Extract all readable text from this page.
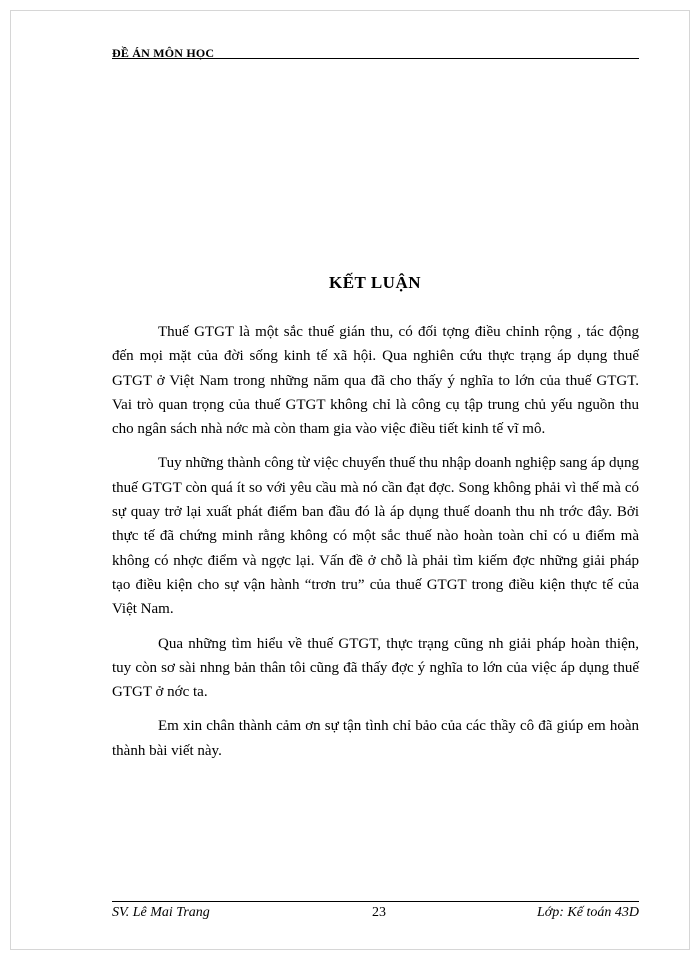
ĐỀ ÁN MÔN HỌC
KẾT LUẬN

Thuế GTGT là một sắc thuế gián thu, có đối tợng điều chỉnh rộng , tác động đến mọi mặt của đời sống kinh tế xã hội. Qua nghiên cứu thực trạng áp dụng thuế GTGT ở Việt Nam trong những năm qua đã cho thấy ý nghĩa to lớn của thuế GTGT. Vai trò quan trọng của thuế GTGT không chỉ là công cụ tập trung chủ yếu nguồn thu cho ngân sách nhà nớc mà còn tham gia vào việc điều tiết kinh tế vĩ mô.

Tuy những thành công từ việc chuyển thuế thu nhập doanh nghiệp sang áp dụng thuế GTGT còn quá ít so với yêu cầu mà nó cần đạt đợc. Song không phải vì thế mà có sự quay trở lại xuất phát điểm ban đầu đó là áp dụng thuế doanh thu nh trớc đây. Bởi thực tế đã chứng minh rằng không có một sắc thuế nào hoàn toàn chỉ có u điểm mà không có nhợc điểm và ngợc lại. Vấn đề ở chỗ là phải tìm kiếm đợc những giải pháp tạo điều kiện cho sự vận hành “trơn tru” của thuế GTGT trong điều kiện thực tế của Việt Nam.

Qua những tìm hiểu về thuế GTGT, thực trạng cũng nh giải pháp hoàn thiện, tuy còn sơ sài nhng bản thân tôi cũng đã thấy đợc ý nghĩa to lớn của việc áp dụng thuế GTGT ở nớc ta.

Em xin chân thành cảm ơn sự tận tình chỉ bảo của các thầy cô đã giúp em hoàn thành bài viết này.

SV. Lê Mai Trang	23	Lớp: Kế toán 43D
